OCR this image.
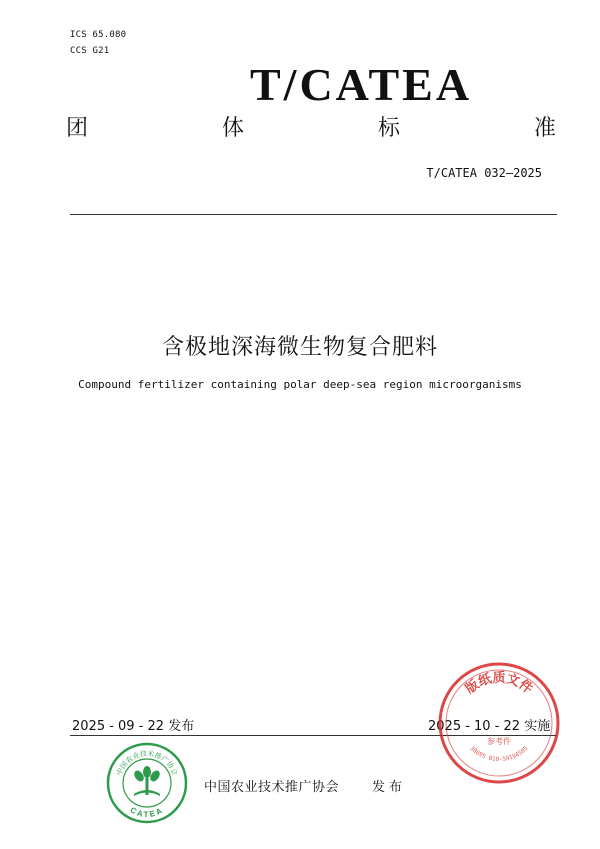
ICS 65.080
CCS G21
T/CATEA
团	体	标	准
T/CATEA 032—2025
含极地深海微生物复合肥料
Compound fertilizer containing polar deep-sea region microorganisms
2025 - 09 - 22 发布	2025 - 10 - 22 实施
中国农业技术推广协会
CATEA
中国农业技术推广协会	发布
版纸质文件
参考件
38695 010-59194505
